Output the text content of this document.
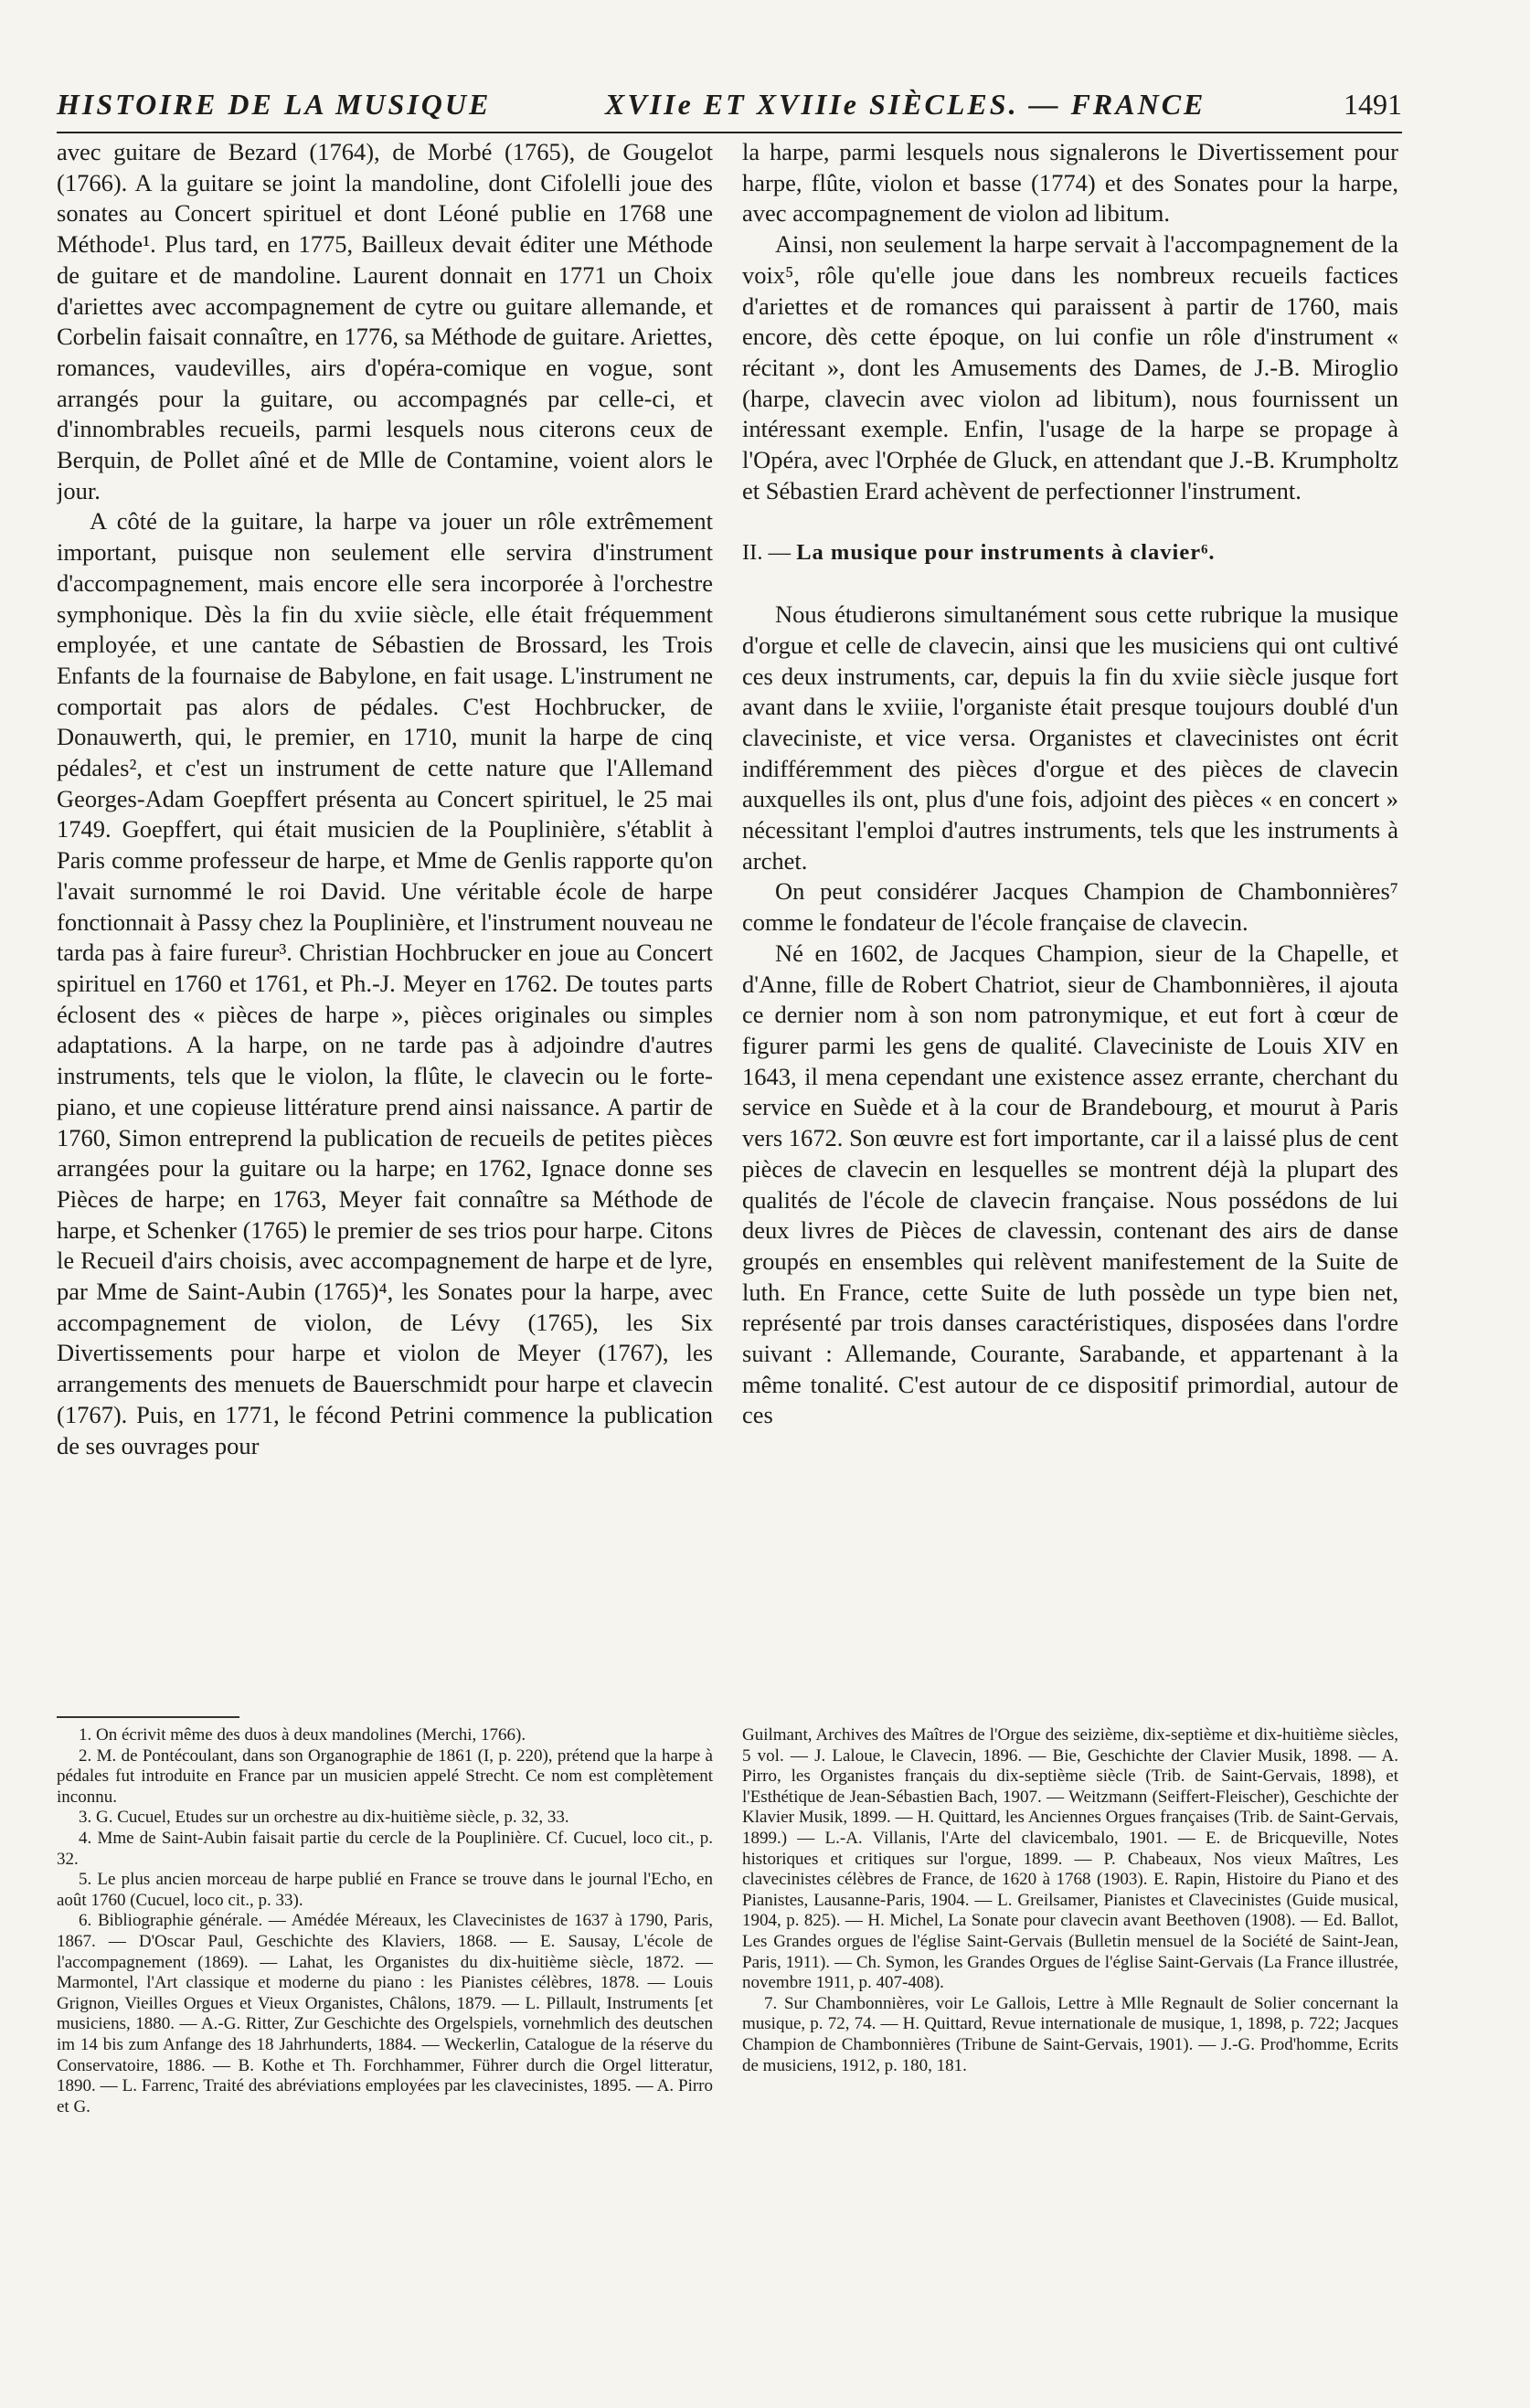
HISTOIRE DE LA MUSIQUE	XVIIe ET XVIIIe SIÈCLES. — FRANCE	1491

avec guitare de Bezard (1764), de Morbé (1765), de Gougelot (1766). A la guitare se joint la mandoline, dont Cifolelli joue des sonates au Concert spirituel et dont Léoné publie en 1768 une Méthode¹. Plus tard, en 1775, Bailleux devait éditer une Méthode de guitare et de mandoline. Laurent donnait en 1771 un Choix d'ariettes avec accompagnement de cytre ou guitare allemande, et Corbelin faisait connaître, en 1776, sa Méthode de guitare. Ariettes, romances, vaudevilles, airs d'opéra-comique en vogue, sont arrangés pour la guitare, ou accompagnés par celle-ci, et d'innombrables recueils, parmi lesquels nous citerons ceux de Berquin, de Pollet aîné et de Mlle de Contamine, voient alors le jour.

A côté de la guitare, la harpe va jouer un rôle extrêmement important, puisque non seulement elle servira d'instrument d'accompagnement, mais encore elle sera incorporée à l'orchestre symphonique. Dès la fin du xviie siècle, elle était fréquemment employée, et une cantate de Sébastien de Brossard, les Trois Enfants de la fournaise de Babylone, en fait usage. L'instrument ne comportait pas alors de pédales. C'est Hochbrucker, de Donauwerth, qui, le premier, en 1710, munit la harpe de cinq pédales², et c'est un instrument de cette nature que l'Allemand Georges-Adam Goepffert présenta au Concert spirituel, le 25 mai 1749. Goepffert, qui était musicien de la Pouplinière, s'établit à Paris comme professeur de harpe, et Mme de Genlis rapporte qu'on l'avait surnommé le roi David. Une véritable école de harpe fonctionnait à Passy chez la Pouplinière, et l'instrument nouveau ne tarda pas à faire fureur³. Christian Hochbrucker en joue au Concert spirituel en 1760 et 1761, et Ph.-J. Meyer en 1762. De toutes parts éclosent des « pièces de harpe », pièces originales ou simples adaptations. A la harpe, on ne tarde pas à adjoindre d'autres instruments, tels que le violon, la flûte, le clavecin ou le forte-piano, et une copieuse littérature prend ainsi naissance. A partir de 1760, Simon entreprend la publication de recueils de petites pièces arrangées pour la guitare ou la harpe; en 1762, Ignace donne ses Pièces de harpe; en 1763, Meyer fait connaître sa Méthode de harpe, et Schenker (1765) le premier de ses trios pour harpe. Citons le Recueil d'airs choisis, avec accompagnement de harpe et de lyre, par Mme de Saint-Aubin (1765)⁴, les Sonates pour la harpe, avec accompagnement de violon, de Lévy (1765), les Six Divertissements pour harpe et violon de Meyer (1767), les arrangements des menuets de Bauerschmidt pour harpe et clavecin (1767). Puis, en 1771, le fécond Petrini commence la publication de ses ouvrages pour

la harpe, parmi lesquels nous signalerons le Divertissement pour harpe, flûte, violon et basse (1774) et des Sonates pour la harpe, avec accompagnement de violon ad libitum.

Ainsi, non seulement la harpe servait à l'accompagnement de la voix⁵, rôle qu'elle joue dans les nombreux recueils factices d'ariettes et de romances qui paraissent à partir de 1760, mais encore, dès cette époque, on lui confie un rôle d'instrument « récitant », dont les Amusements des Dames, de J.-B. Miroglio (harpe, clavecin avec violon ad libitum), nous fournissent un intéressant exemple. Enfin, l'usage de la harpe se propage à l'Opéra, avec l'Orphée de Gluck, en attendant que J.-B. Krumpholtz et Sébastien Erard achèvent de perfectionner l'instrument.

II. — La musique pour instruments à clavier⁶.

Nous étudierons simultanément sous cette rubrique la musique d'orgue et celle de clavecin, ainsi que les musiciens qui ont cultivé ces deux instruments, car, depuis la fin du xviie siècle jusque fort avant dans le xviiie, l'organiste était presque toujours doublé d'un claveciniste, et vice versa. Organistes et clavecinistes ont écrit indifféremment des pièces d'orgue et des pièces de clavecin auxquelles ils ont, plus d'une fois, adjoint des pièces « en concert » nécessitant l'emploi d'autres instruments, tels que les instruments à archet.

On peut considérer Jacques Champion de Chambonnières⁷ comme le fondateur de l'école française de clavecin.

Né en 1602, de Jacques Champion, sieur de la Chapelle, et d'Anne, fille de Robert Chatriot, sieur de Chambonnières, il ajouta ce dernier nom à son nom patronymique, et eut fort à cœur de figurer parmi les gens de qualité. Claveciniste de Louis XIV en 1643, il mena cependant une existence assez errante, cherchant du service en Suède et à la cour de Brandebourg, et mourut à Paris vers 1672. Son œuvre est fort importante, car il a laissé plus de cent pièces de clavecin en lesquelles se montrent déjà la plupart des qualités de l'école de clavecin française. Nous possédons de lui deux livres de Pièces de clavessin, contenant des airs de danse groupés en ensembles qui relèvent manifestement de la Suite de luth. En France, cette Suite de luth possède un type bien net, représenté par trois danses caractéristiques, disposées dans l'ordre suivant : Allemande, Courante, Sarabande, et appartenant à la même tonalité. C'est autour de ce dispositif primordial, autour de ces

1. On écrivit même des duos à deux mandolines (Merchi, 1766).

2. M. de Pontécoulant, dans son Organographie de 1861 (I, p. 220), prétend que la harpe à pédales fut introduite en France par un musicien appelé Strecht. Ce nom est complètement inconnu.

3. G. Cucuel, Etudes sur un orchestre au dix-huitième siècle, p. 32, 33.

4. Mme de Saint-Aubin faisait partie du cercle de la Pouplinière. Cf. Cucuel, loco cit., p. 32.

5. Le plus ancien morceau de harpe publié en France se trouve dans le journal l'Echo, en août 1760 (Cucuel, loco cit., p. 33).

6. Bibliographie générale. — Amédée Méreaux, les Clavecinistes de 1637 à 1790, Paris, 1867. — D'Oscar Paul, Geschichte des Klaviers, 1868. — E. Sausay, L'école de l'accompagnement (1869). — Lahat, les Organistes du dix-huitième siècle, 1872. — Marmontel, l'Art classique et moderne du piano : les Pianistes célèbres, 1878. — Louis Grignon, Vieilles Orgues et Vieux Organistes, Châlons, 1879. — L. Pillault, Instruments [et musiciens, 1880. — A.-G. Ritter, Zur Geschichte des Orgelspiels, vornehmlich des deutschen im 14 bis zum Anfange des 18 Jahrhunderts, 1884. — Weckerlin, Catalogue de la réserve du Conservatoire, 1886. — B. Kothe et Th. Forchhammer, Führer durch die Orgel litteratur, 1890. — L. Farrenc, Traité des abréviations employées par les clavecinistes, 1895. — A. Pirro et G.

Guilmant, Archives des Maîtres de l'Orgue des seizième, dix-septième et dix-huitième siècles, 5 vol. — J. Laloue, le Clavecin, 1896. — Bie, Geschichte der Clavier Musik, 1898. — A. Pirro, les Organistes français du dix-septième siècle (Trib. de Saint-Gervais, 1898), et l'Esthétique de Jean-Sébastien Bach, 1907. — Weitzmann (Seiffert-Fleischer), Geschichte der Klavier Musik, 1899. — H. Quittard, les Anciennes Orgues françaises (Trib. de Saint-Gervais, 1899.) — L.-A. Villanis, l'Arte del clavicembalo, 1901. — E. de Bricqueville, Notes historiques et critiques sur l'orgue, 1899. — P. Chabeaux, Nos vieux Maîtres, Les clavecinistes célèbres de France, de 1620 à 1768 (1903). E. Rapin, Histoire du Piano et des Pianistes, Lausanne-Paris, 1904. — L. Greilsamer, Pianistes et Clavecinistes (Guide musical, 1904, p. 825). — H. Michel, La Sonate pour clavecin avant Beethoven (1908). — Ed. Ballot, Les Grandes orgues de l'église Saint-Gervais (Bulletin mensuel de la Société de Saint-Jean, Paris, 1911). — Ch. Symon, les Grandes Orgues de l'église Saint-Gervais (La France illustrée, novembre 1911, p. 407-408).

7. Sur Chambonnières, voir Le Gallois, Lettre à Mlle Regnault de Solier concernant la musique, p. 72, 74. — H. Quittard, Revue internationale de musique, 1, 1898, p. 722; Jacques Champion de Chambonnières (Tribune de Saint-Gervais, 1901). — J.-G. Prod'homme, Ecrits de musiciens, 1912, p. 180, 181.
